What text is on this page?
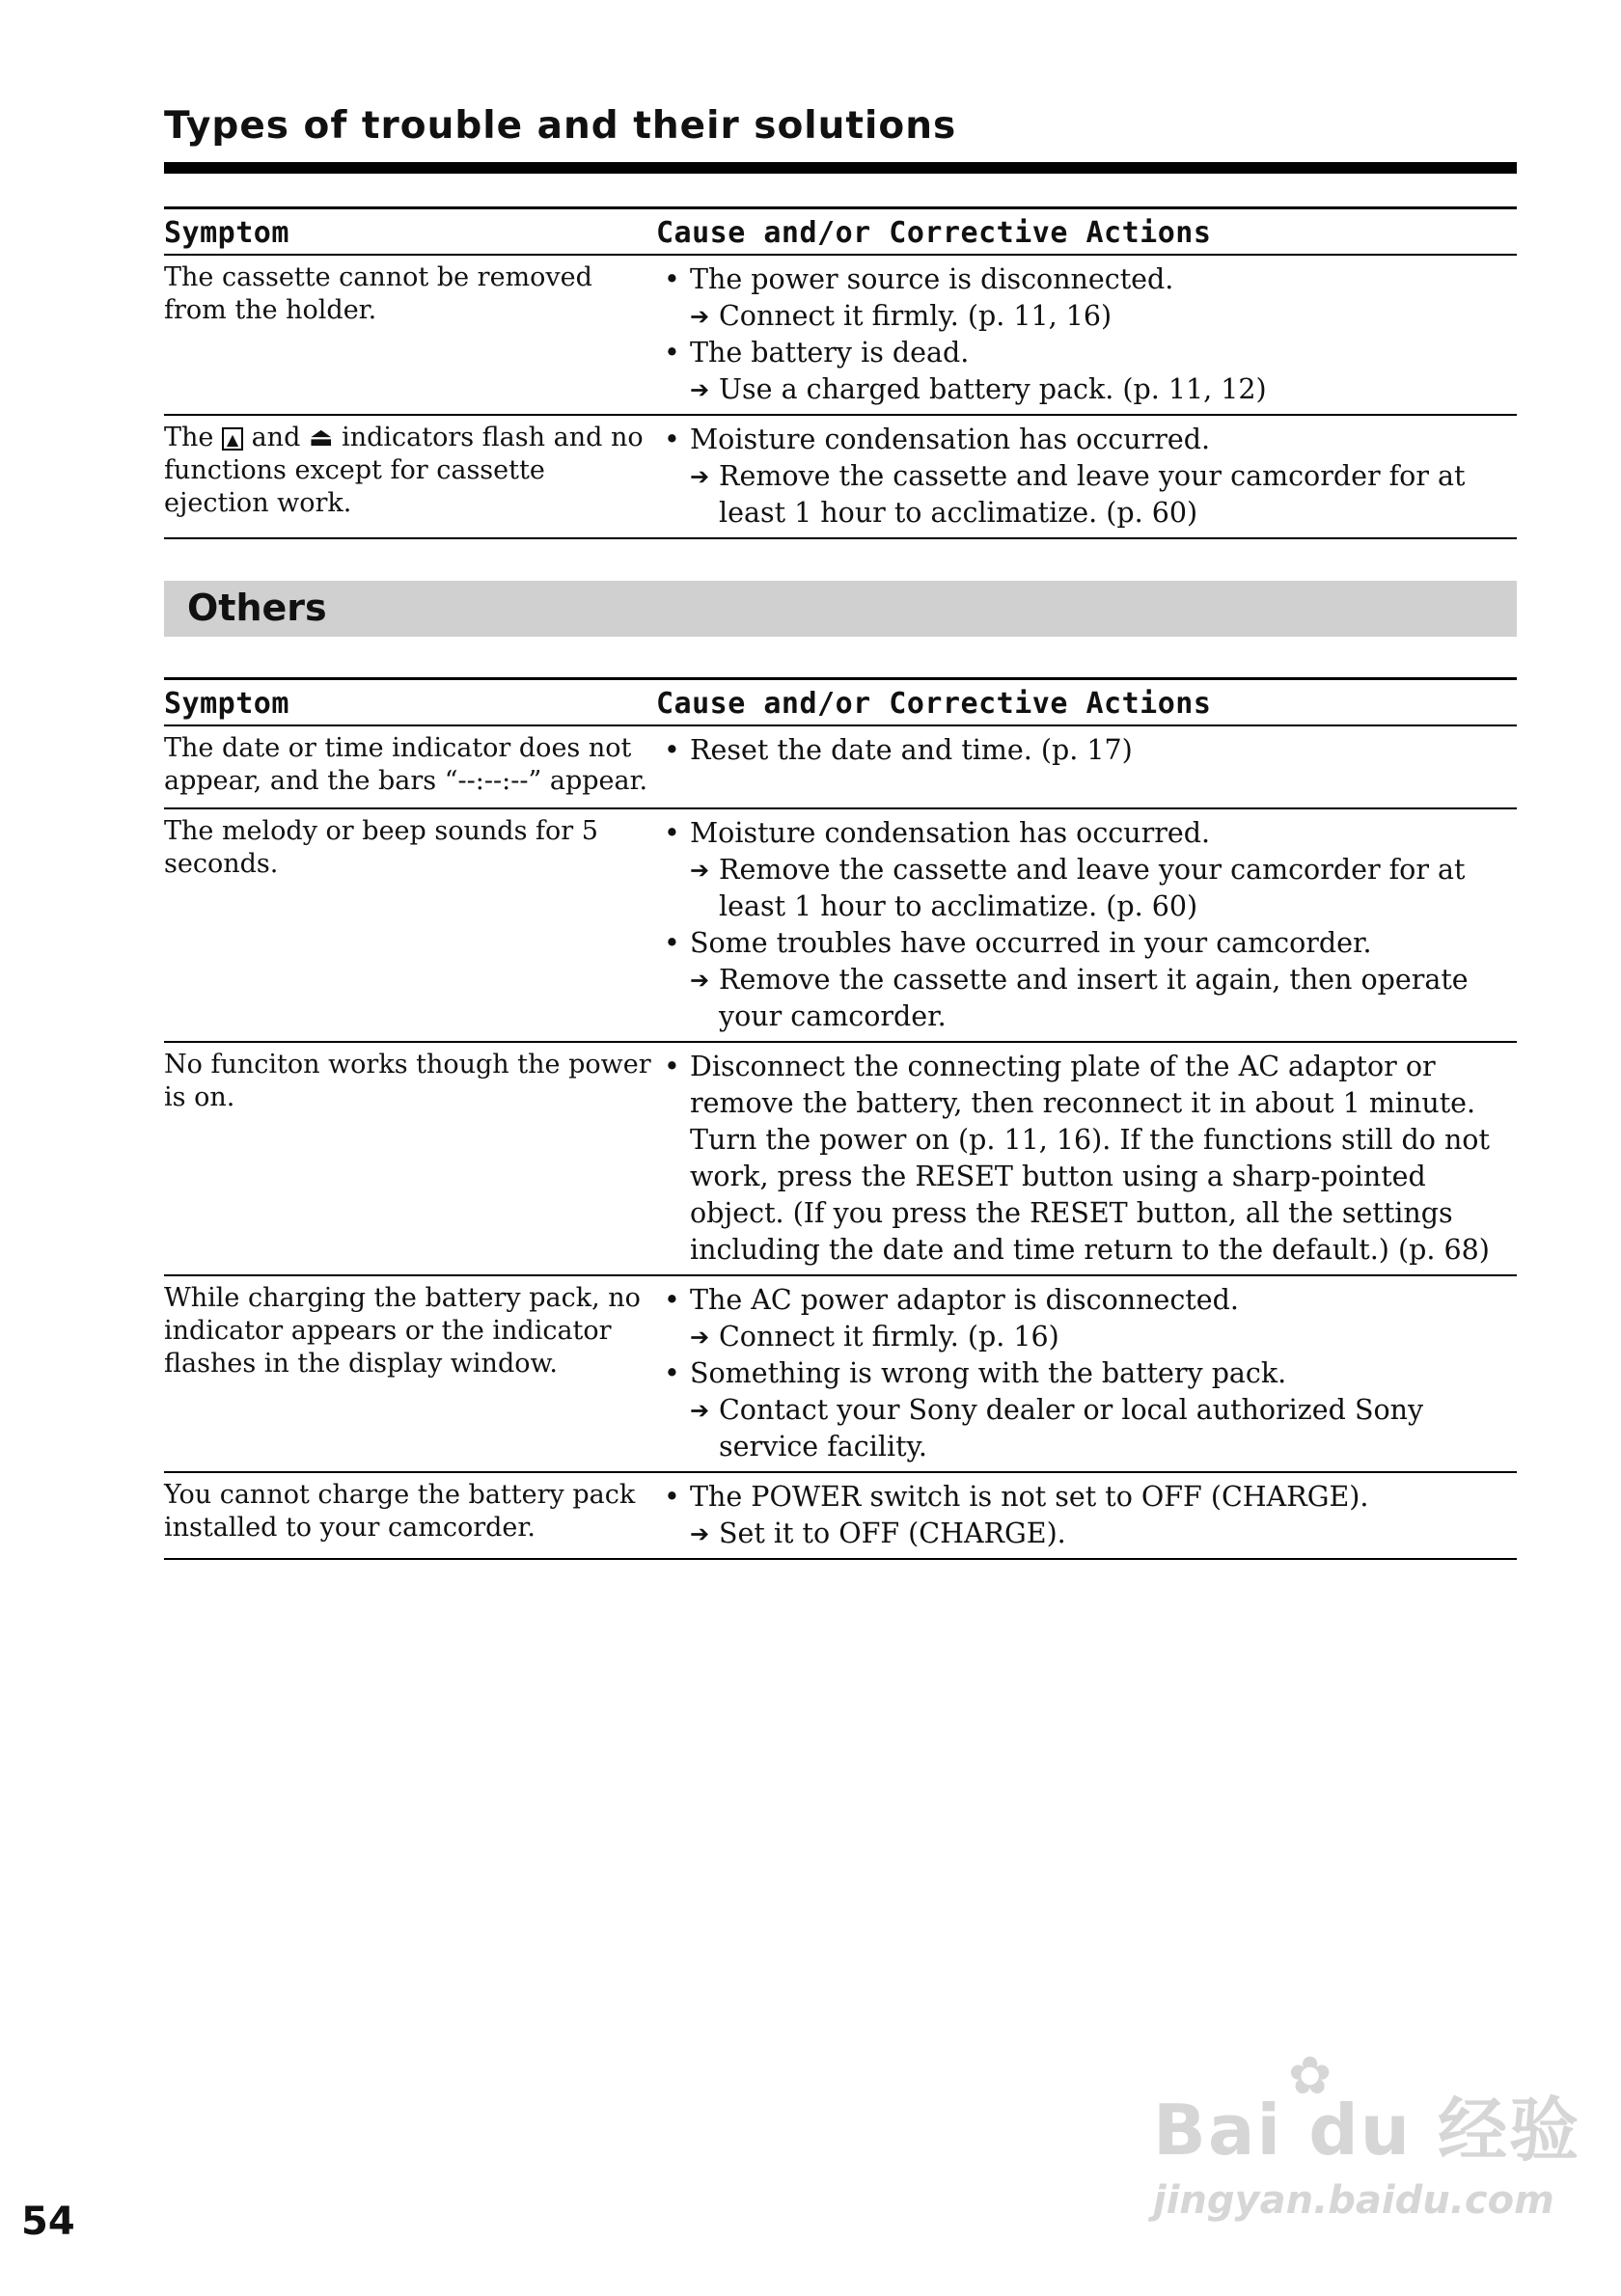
Types of trouble and their solutions
Symptom	Cause and/or Corrective Actions
The cassette cannot be removed from the holder.	• The power source is disconnected.
➔ Connect it firmly. (p. 11, 16)
• The battery is dead.
➔ Use a charged battery pack. (p. 11, 12)

The ▲ and ⏏ indicators flash and no functions except for cassette ejection work.	• Moisture condensation has occurred.
➔ Remove the cassette and leave your camcorder for at least 1 hour to acclimatize. (p. 60)
Others
Symptom	Cause and/or Corrective Actions
The date or time indicator does not appear, and the bars “--:--:--” appear.	• Reset the date and time. (p. 17)

The melody or beep sounds for 5 seconds.	• Moisture condensation has occurred.
➔ Remove the cassette and leave your camcorder for at least 1 hour to acclimatize. (p. 60)
• Some troubles have occurred in your camcorder.
➔ Remove the cassette and insert it again, then operate your camcorder.

No funciton works though the power is on.	• Disconnect the connecting plate of the AC adaptor or remove the battery, then reconnect it in about 1 minute. Turn the power on (p. 11, 16). If the functions still do not work, press the RESET button using a sharp-pointed object. (If you press the RESET button, all the settings including the date and time return to the default.) (p. 68)

While charging the battery pack, no indicator appears or the indicator flashes in the display window.	• The AC power adaptor is disconnected.
➔ Connect it firmly. (p. 16)
• Something is wrong with the battery pack.
➔ Contact your Sony dealer or local authorized Sony service facility.

You cannot charge the battery pack installed to your camcorder.	• The POWER switch is not set to OFF (CHARGE).
➔ Set it to OFF (CHARGE).
✿
Bai du 经验
jingyan.baidu.com
54
